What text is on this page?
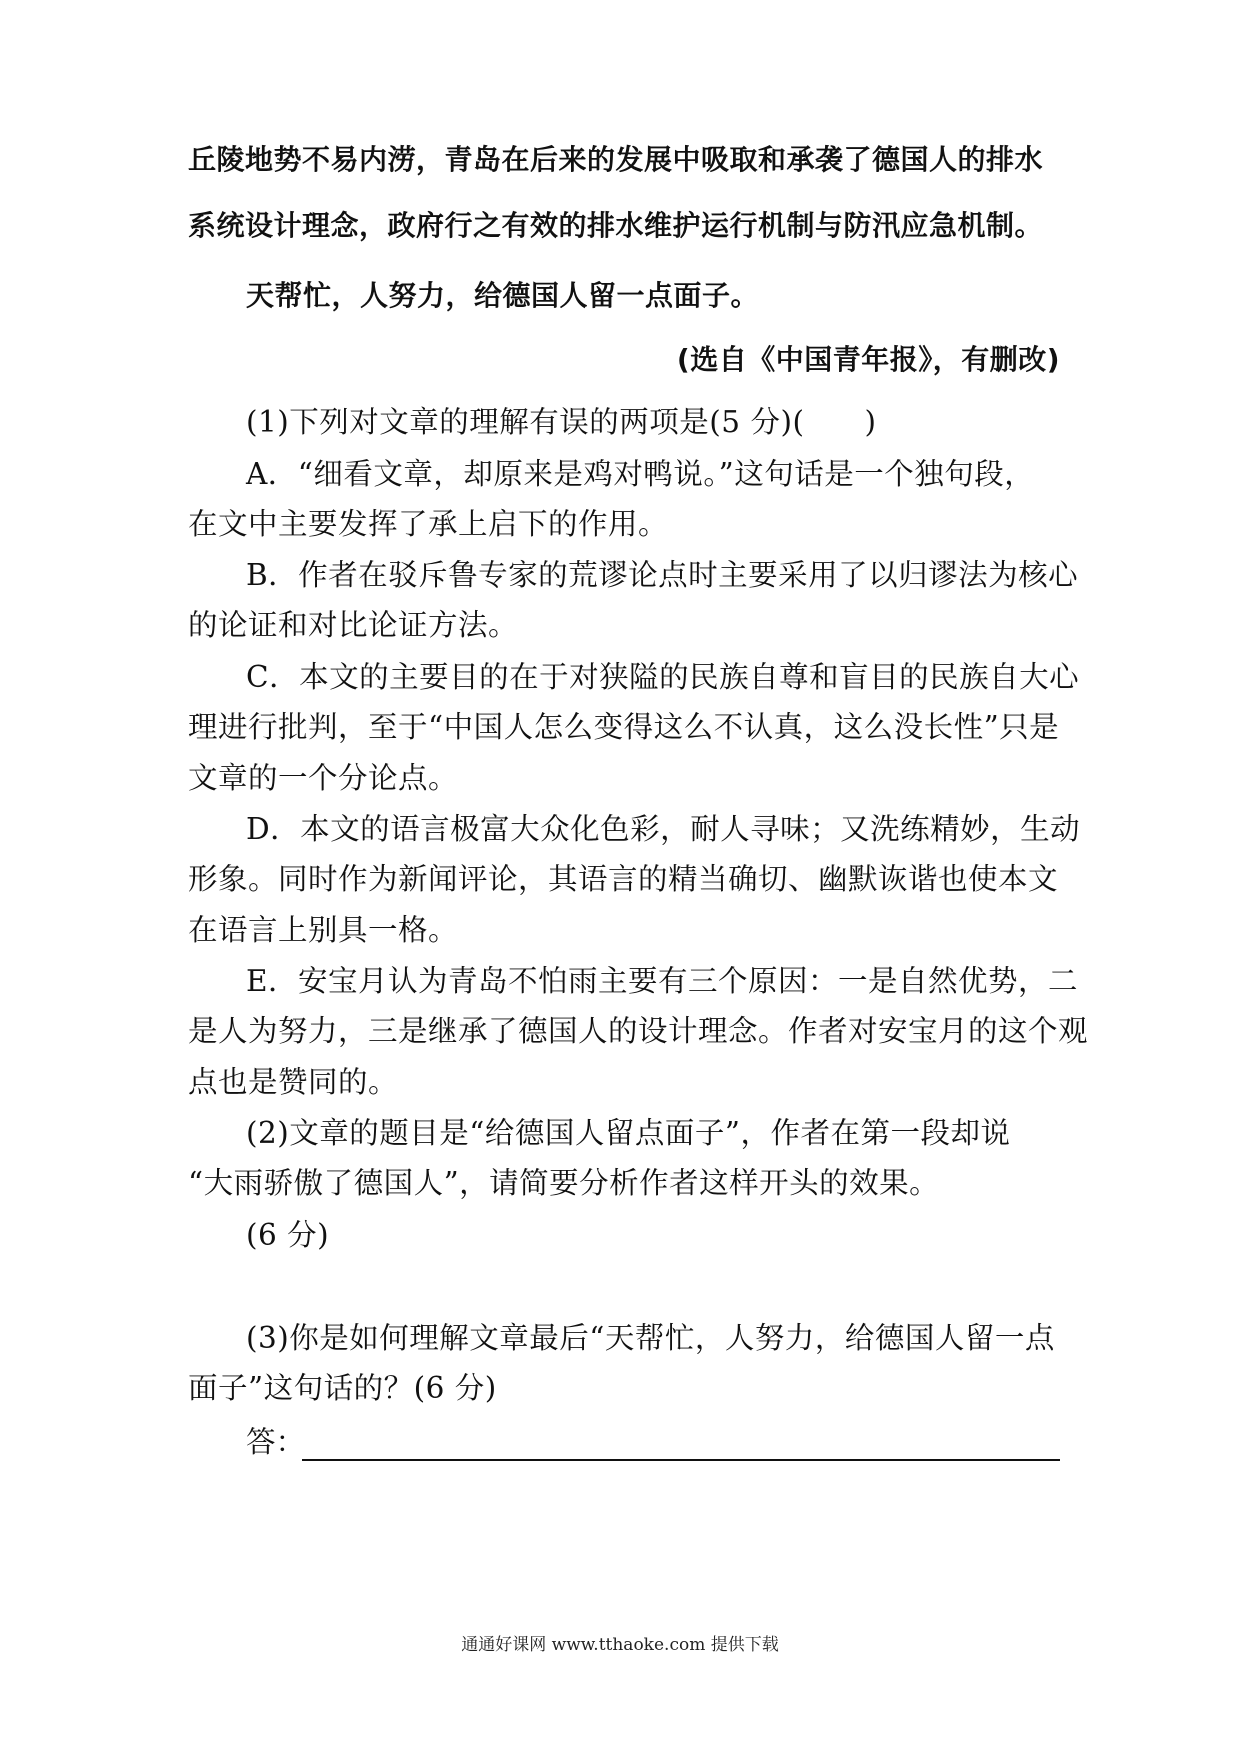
丘陵地势不易内涝，青岛在后来的发展中吸取和承袭了德国人的排水
系统设计理念，政府行之有效的排水维护运行机制与防汛应急机制。
天帮忙，人努力，给德国人留一点面子。
(选自《中国青年报》，有删改)
(1)下列对文章的理解有误的两项是(5 分)(　　)
A．“细看文章，却原来是鸡对鸭说。”这句话是一个独句段，
在文中主要发挥了承上启下的作用。
B．作者在驳斥鲁专家的荒谬论点时主要采用了以归谬法为核心
的论证和对比论证方法。
C．本文的主要目的在于对狭隘的民族自尊和盲目的民族自大心
理进行批判，至于“中国人怎么变得这么不认真，这么没长性”只是
文章的一个分论点。
D．本文的语言极富大众化色彩，耐人寻味；又洗练精妙，生动
形象。同时作为新闻评论，其语言的精当确切、幽默诙谐也使本文
在语言上别具一格。
E．安宝月认为青岛不怕雨主要有三个原因：一是自然优势，二
是人为努力，三是继承了德国人的设计理念。作者对安宝月的这个观
点也是赞同的。
(2)文章的题目是“给德国人留点面子”，作者在第一段却说
“大雨骄傲了德国人”，请简要分析作者这样开头的效果。
(6 分)
答：
(3)你是如何理解文章最后“天帮忙，人努力，给德国人留一点
面子”这句话的？(6 分)
通通好课网 www.tthaoke.com 提供下载
